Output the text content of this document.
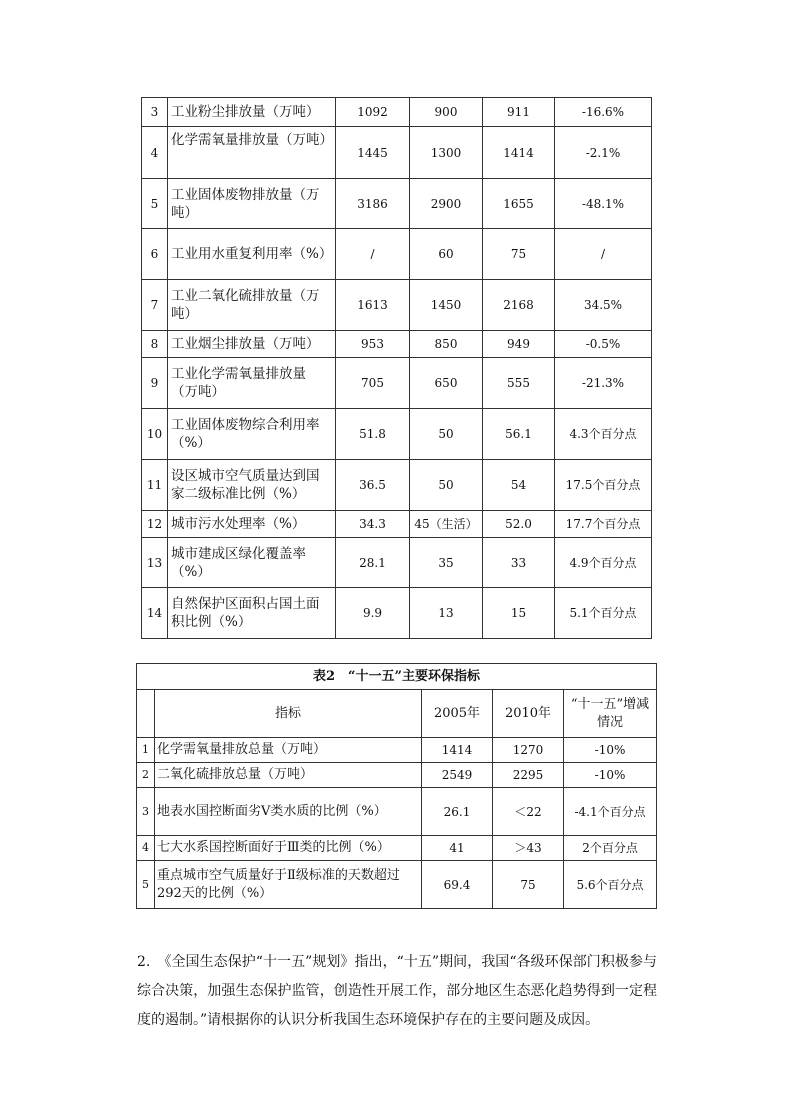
3	工业粉尘排放量（万吨）	1092	900	911	-16.6%
4	化学需氧量排放量（万吨）	1445	1300	1414	-2.1%
5	工业固体废物排放量（万吨）	3186	2900	1655	-48.1%
6	工业用水重复利用率（%）	/	60	75	/
7	工业二氧化硫排放量（万吨）	1613	1450	2168	34.5%
8	工业烟尘排放量（万吨）	953	850	949	-0.5%
9	工业化学需氧量排放量（万吨）	705	650	555	-21.3%
10	工业固体废物综合利用率（%）	51.8	50	56.1	4.3个百分点
11	设区城市空气质量达到国家二级标准比例（%）	36.5	50	54	17.5个百分点
12	城市污水处理率（%）	34.3	45（生活）	52.0	17.7个百分点
13	城市建成区绿化覆盖率（%）	28.1	35	33	4.9个百分点
14	自然保护区面积占国土面积比例（%）	9.9	13	15	5.1个百分点
表2　“十一五”主要环保指标				
	指标	2005年	2010年	“十一五”增减情况
1	化学需氧量排放总量（万吨）	1414	1270	-10%
2	二氧化硫排放总量（万吨）	2549	2295	-10%
3	地表水国控断面劣Ⅴ类水质的比例（%）	26.1	＜22	-4.1个百分点
4	七大水系国控断面好于Ⅲ类的比例（%）	41	＞43	2个百分点
5	重点城市空气质量好于Ⅱ级标准的天数超过292天的比例（%）	69.4	75	5.6个百分点

2.　《全国生态保护“十一五”规划》指出，“十五”期间，我国“各级环保部门积极参与综合决策，加强生态保护监管，创造性开展工作，部分地区生态恶化趋势得到一定程度的遏制。”请根据你的认识分析我国生态环境保护存在的主要问题及成因。
